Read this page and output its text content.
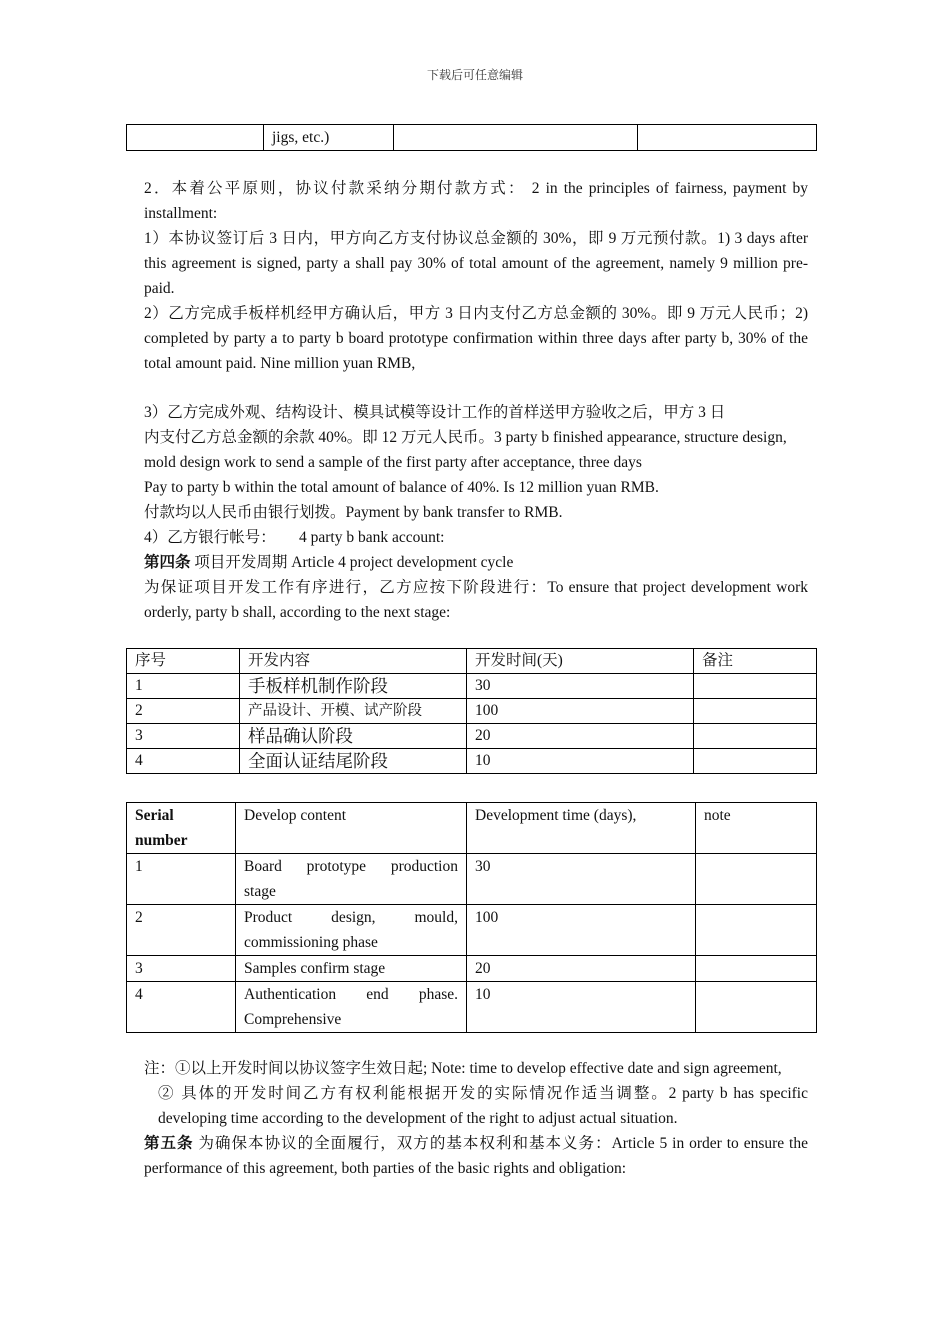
下载后可任意编辑
	jigs, etc.)		

2．本着公平原则，协议付款采纳分期付款方式： 2 in the principles of fairness, payment by installment:

1）本协议签订后 3 日内，甲方向乙方支付协议总金额的 30%，即 9 万元预付款。1) 3 days after this agreement is signed, party a shall pay 30% of total amount of the agreement, namely 9 million pre-paid.

2）乙方完成手板样机经甲方确认后，甲方 3 日内支付乙方总金额的 30%。即 9 万元人民币；2) completed by party a to party b board prototype confirmation within three days after party b, 30% of the total amount paid. Nine million yuan RMB,

3）乙方完成外观、结构设计、模具试模等设计工作的首样送甲方验收之后，甲方 3 日

内支付乙方总金额的余款 40%。即 12 万元人民币。3 party b finished appearance, structure design, mold design work to send a sample of the first party after acceptance, three days

Pay to party b within the total amount of balance of 40%. Is 12 million yuan RMB.

付款均以人民币由银行划拨。Payment by bank transfer to RMB.

4）乙方银行帐号：      4 party b bank account:

第四条 项目开发周期 Article 4 project development cycle

为保证项目开发工作有序进行，乙方应按下阶段进行：To ensure that project development work orderly, party b shall, according to the next stage:

序号	开发内容	开发时间(天)	备注
1	手板样机制作阶段	30	
2	产品设计、开模、试产阶段	100	
3	样品确认阶段	20	
4	全面认证结尾阶段	10	
Serial number	Develop content	Development time (days),	note
1	Board prototype production
stage	30	
2	Product design, mould,
commissioning phase	100	
3	Samples confirm stage	20	
4	Authentication end phase.
Comprehensive	10	

注：①以上开发时间以协议签字生效日起; Note: time to develop effective date and sign agreement,

② 具体的开发时间乙方有权利能根据开发的实际情况作适当调整。2 party b has specific developing time according to the development of the right to adjust actual situation.

第五条 为确保本协议的全面履行，双方的基本权利和基本义务：Article 5 in order to ensure the performance of this agreement, both parties of the basic rights and obligation:
